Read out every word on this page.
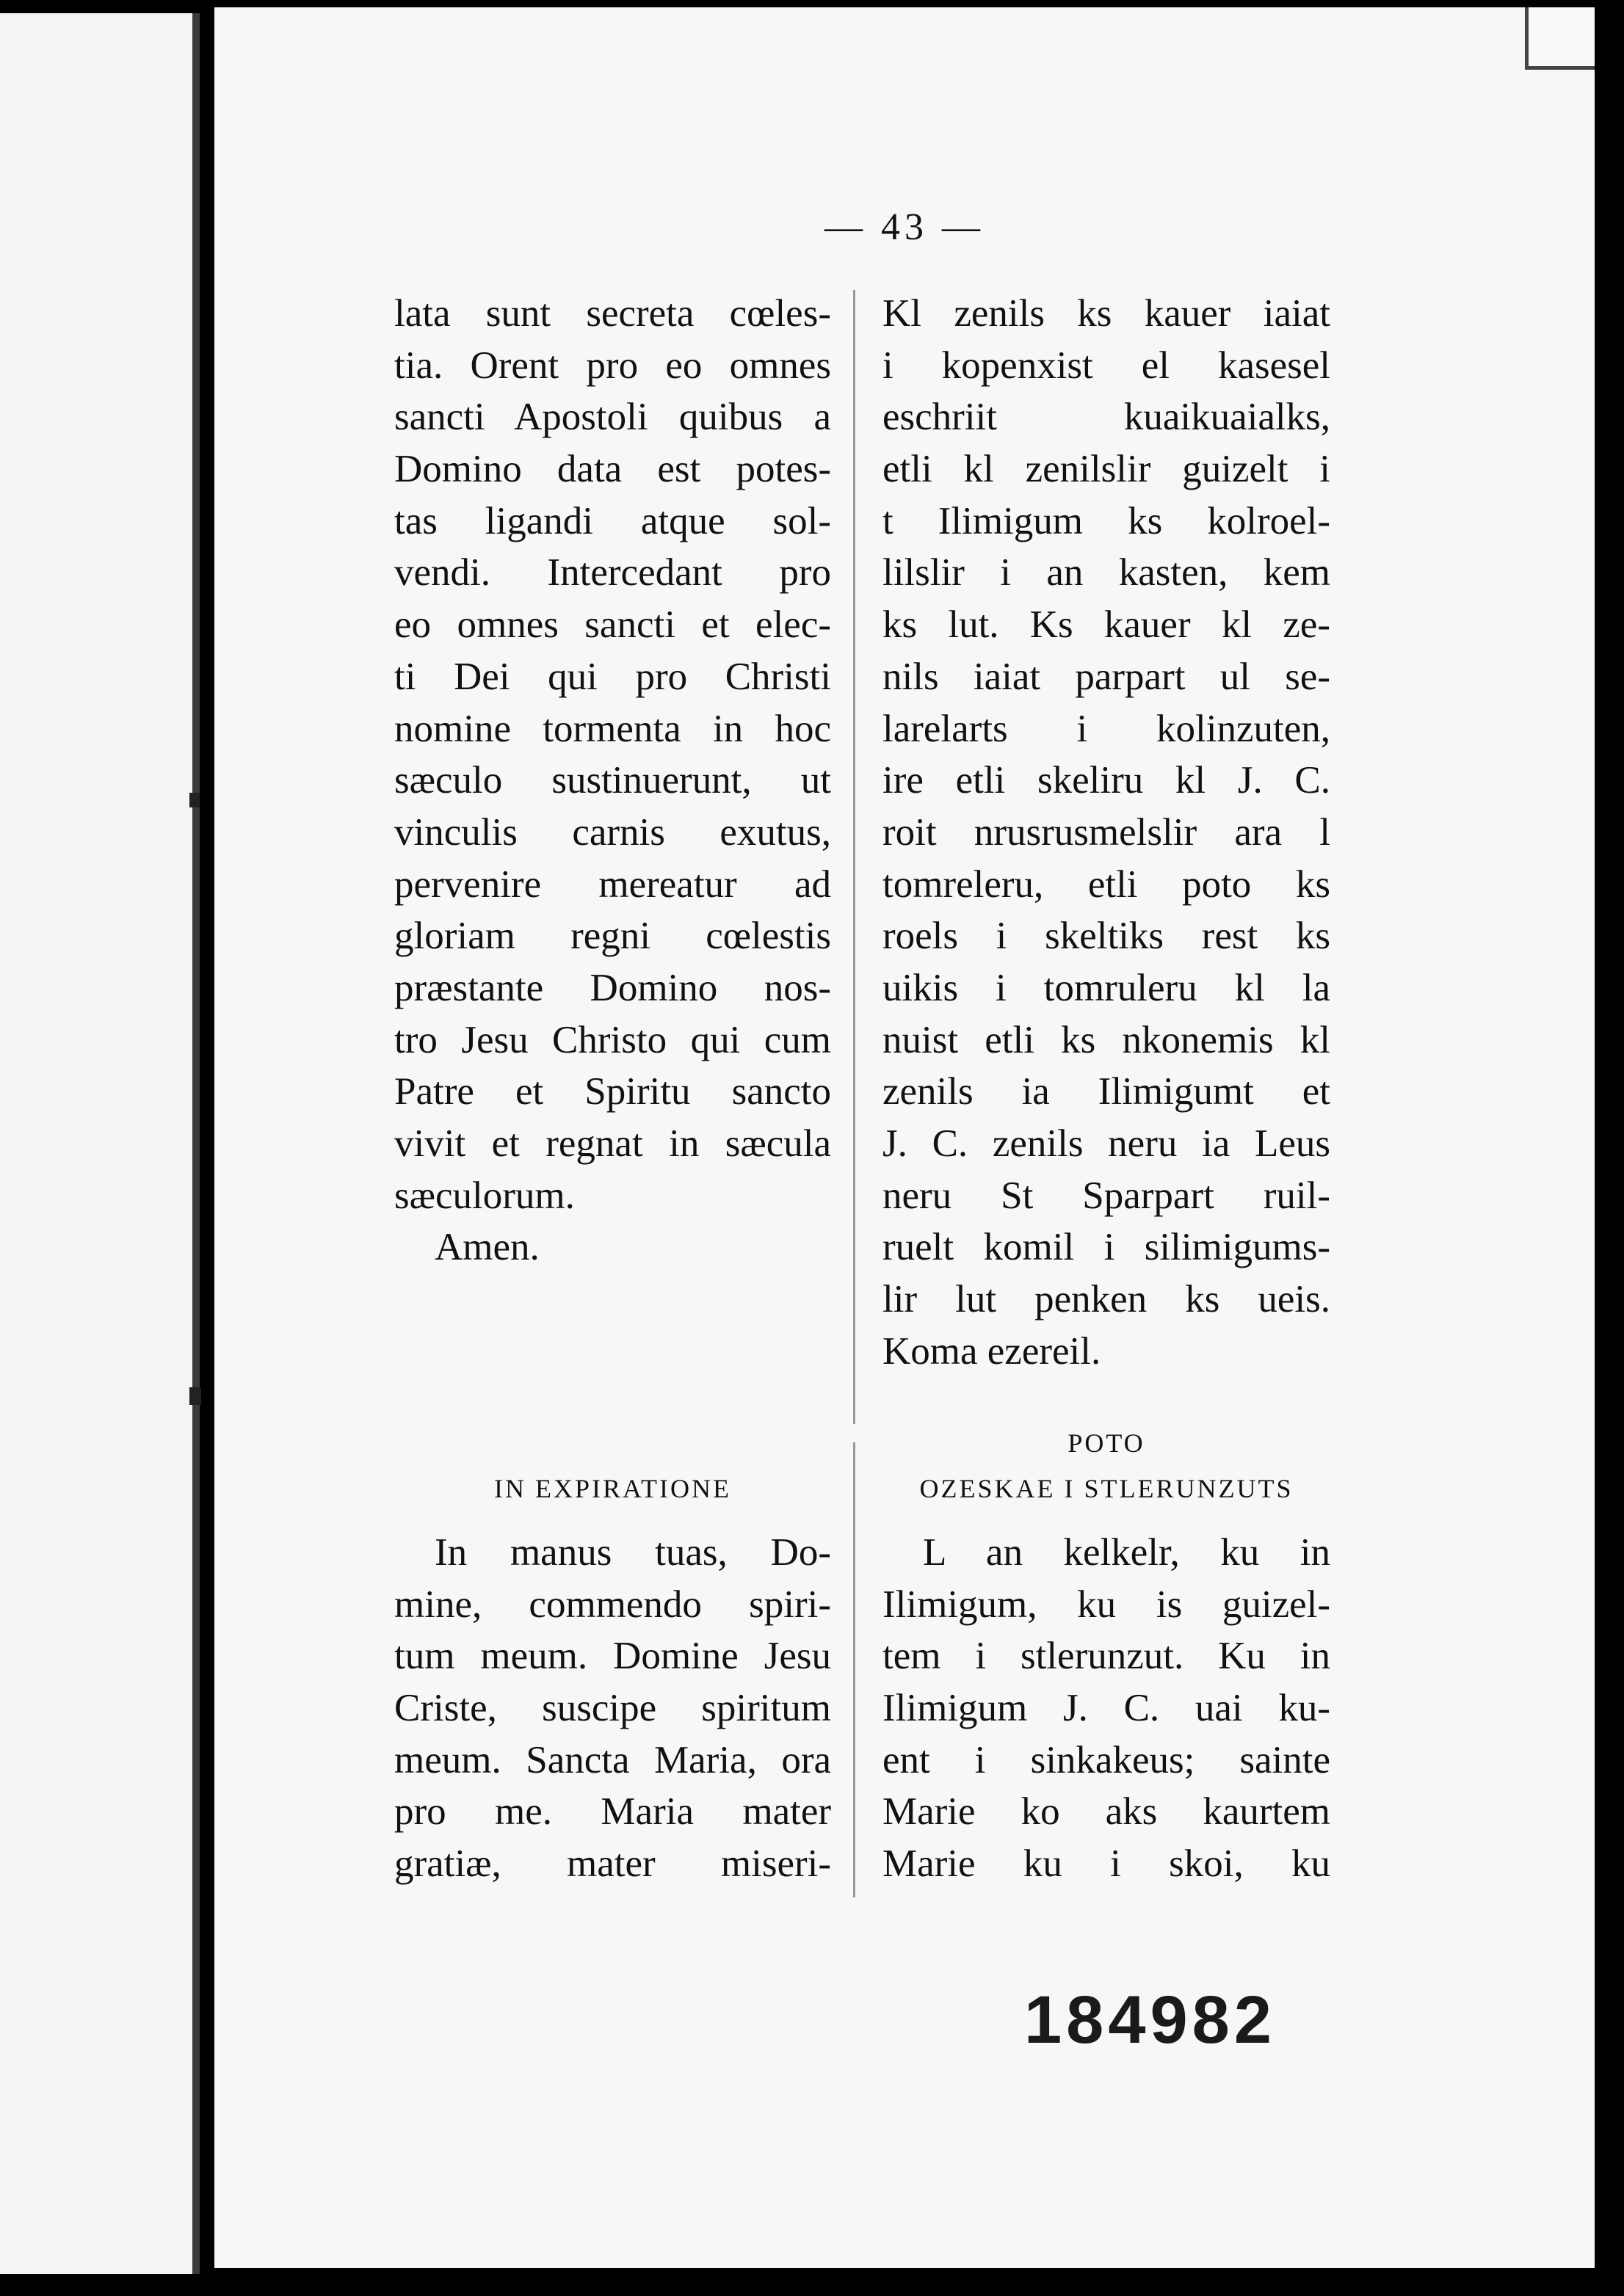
— 43 —
lata sunt secreta cœles-
tia. Orent pro eo omnes
sancti Apostoli quibus a
Domino data est potes-
tas ligandi atque sol-
vendi. Intercedant pro
eo omnes sancti et elec-
ti Dei qui pro Christi
nomine tormenta in hoc
sæculo sustinuerunt, ut
vinculis carnis exutus,
pervenire mereatur ad
gloriam regni cœlestis
præstante Domino nos-
tro Jesu Christo qui cum
Patre et Spiritu sancto
vivit et regnat in sæcula
sæculorum.
Amen.
IN EXPIRATIONE
In manus tuas, Do-
mine, commendo spiri-
tum meum. Domine Jesu
Criste, suscipe spiritum
meum. Sancta Maria, ora
pro me. Maria mater
gratiæ, mater miseri-
Kl zenils ks kauer iaiat
i kopenxist el kasesel
eschriit kuaikuaialks,
etli kl zenilslir guizelt i
t Ilimigum ks kolroel-
lilslir i an kasten, kem
ks lut. Ks kauer kl ze-
nils iaiat parpart ul se-
larelarts i kolinzuten,
ire etli skeliru kl J. C.
roit nrusrusmelslir ara l
tomreleru, etli poto ks
roels i skeltiks rest ks
uikis i tomruleru kl la
nuist etli ks nkonemis kl
zenils ia Ilimigumt et
J. C. zenils neru ia Leus
neru St Sparpart ruil-
ruelt komil i silimigums-
lir lut penken ks ueis.
Koma ezereil.
POTO
OZESKAE I STLERUNZUTS
L an kelkelr, ku in
Ilimigum, ku is guizel-
tem i stlerunzut. Ku in
Ilimigum J. C. uai ku-
ent i sinkakeus; sainte
Marie ko aks kaurtem
Marie ku i skoi, ku
184982
